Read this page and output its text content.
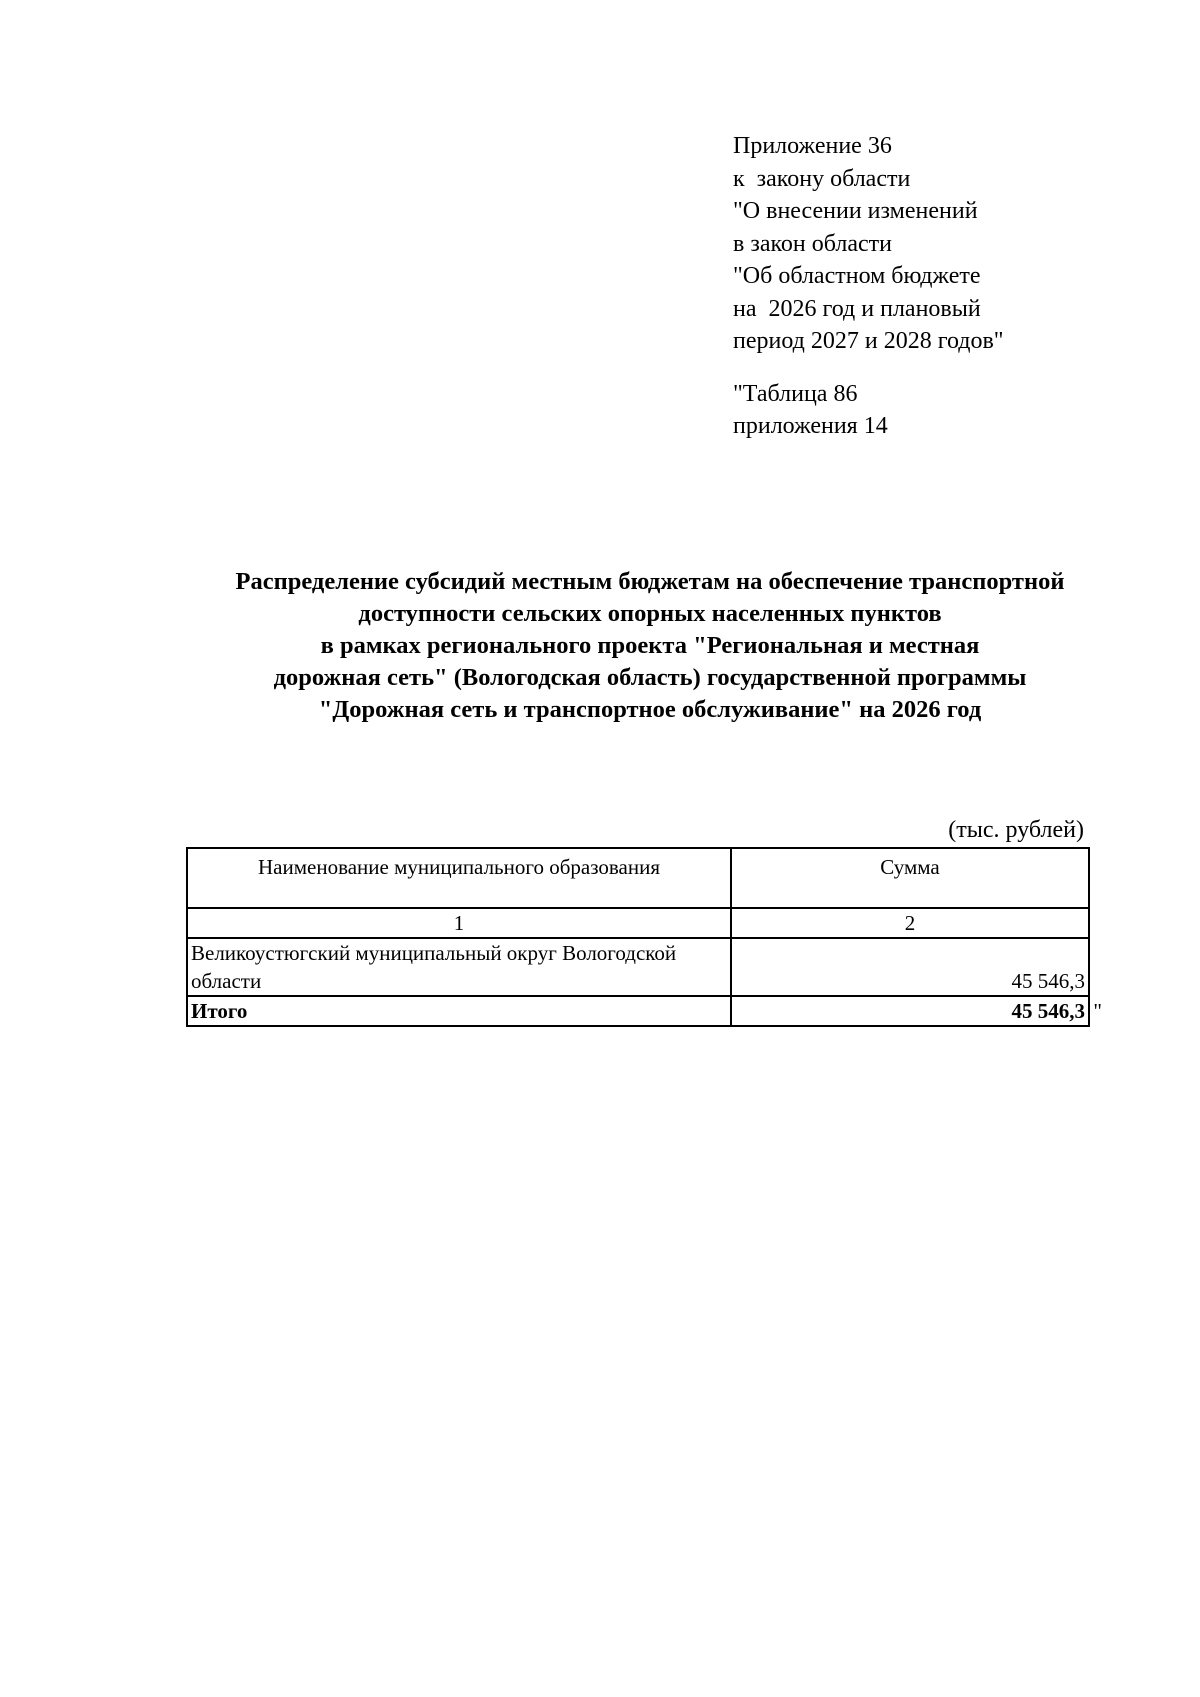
Приложение 36
к  закону области
"О внесении изменений
в закон области
"Об областном бюджете
на  2026 год и плановый
период 2027 и 2028 годов"
"Таблица 86
приложения 14
Распределение субсидий местным бюджетам на обеспечение транспортной
доступности сельских опорных населенных пунктов
в рамках регионального проекта "Региональная и местная
дорожная сеть" (Вологодская область) государственной программы
"Дорожная сеть и транспортное обслуживание" на 2026 год
(тыс. рублей)
Наименование муниципального образования	Сумма
1	2
Великоустюгский муниципальный округ Вологодской области	45 546,3
Итого	45 546,3 "
